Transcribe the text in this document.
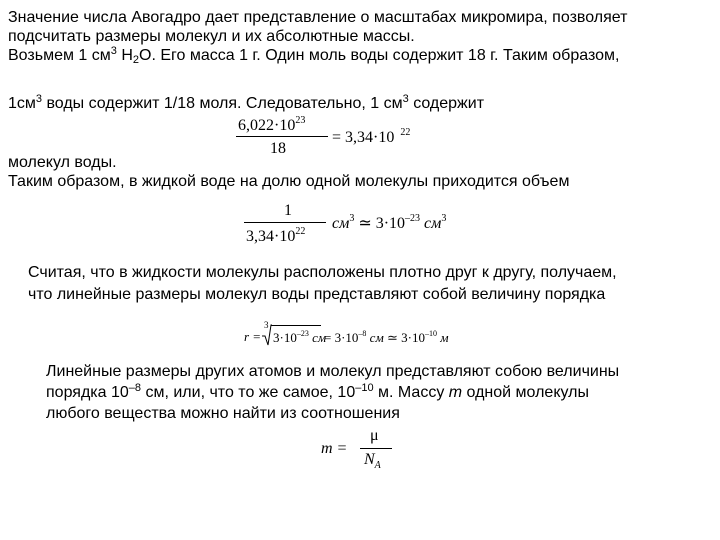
Значение числа Авогадро дает представление о масштабах микромира, позволяет
подсчитать размеры молекул и их абсолютные массы.
Возьмем 1 $см^3$ $H_2O$. Его масса 1 г. Один моль воды содержит 18 г. Таким образом,
$1см^3$ воды содержит 1/18 моля. Следовательно, 1 $см^3$ содержит
$6,022\cdot 10^{23}$
18
= 3,34·10 $^{22}$
молекул воды.
Таким образом, в жидкой воде на долю одной молекулы приходится объем
1
$3,34\cdot 10^{22}$ $см^3$ ≃ $3\cdot 10^{-23}$ $см^3$
Считая, что в жидкости молекулы расположены плотно друг к другу, получаем,
что линейные размеры молекул воды представляют собой величину порядка
r =
3
$3\cdot 10^{-23}$ см
= $3\cdot 10^{-8}$ см ≃ $3\cdot 10^{-10}$ м
Линейные размеры других атомов и молекул представляют собою величины
порядка $10^{-8}$ см, или, что то же самое, $10^{-10}$ м. Массу m одной молекулы
любого вещества можно найти из соотношения
m =
μ
$N_A$
